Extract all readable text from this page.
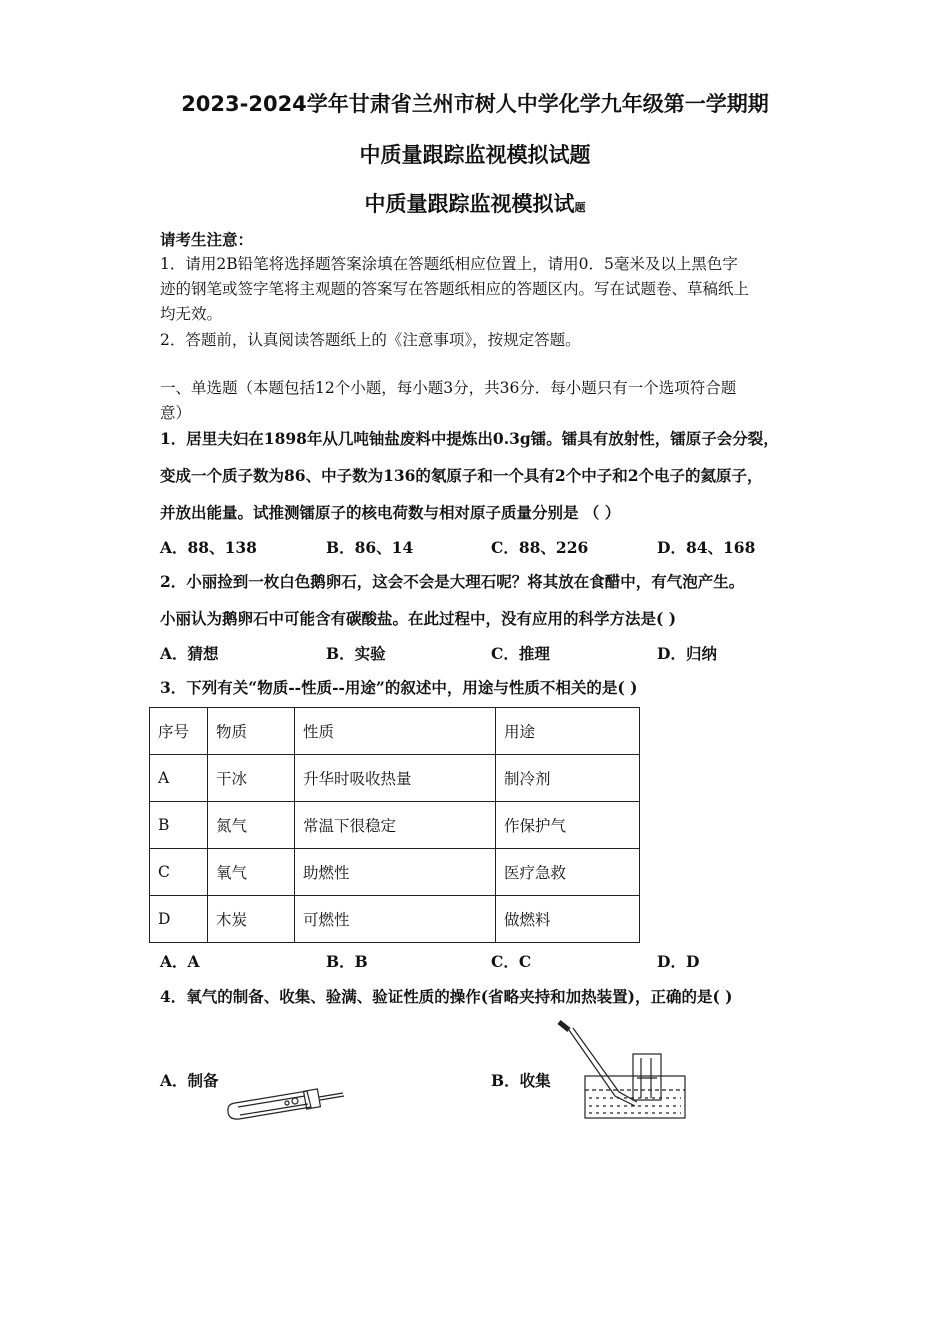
2023-2024学年甘肃省兰州市树人中学化学九年级第一学期期
中质量跟踪监视模拟试题
中质量跟踪监视模拟试题
请考生注意：
1．请用2B铅笔将选择题答案涂填在答题纸相应位置上，请用0．5毫米及以上黑色字
迹的钢笔或签字笔将主观题的答案写在答题纸相应的答题区内。写在试题卷、草稿纸上
均无效。
2．答题前，认真阅读答题纸上的《注意事项》，按规定答题。
一、单选题（本题包括12个小题，每小题3分，共36分．每小题只有一个选项符合题
意）
1．居里夫妇在1898年从几吨铀盐废料中提炼出0.3g镭。镭具有放射性，镭原子会分裂，
变成一个质子数为86、中子数为136的氡原子和一个具有2个中子和2个电子的氦原子，
并放出能量。试推测镭原子的核电荷数与相对原子质量分别是 （ ）
A．88、138	B．86、14	C．88、226	D．84、168
2．小丽捡到一枚白色鹅卵石，这会不会是大理石呢？将其放在食醋中，有气泡产生。
小丽认为鹅卵石中可能含有碳酸盐。在此过程中，没有应用的科学方法是( )
A．猜想	B．实验	C．推理	D．归纳
3．下列有关“物质--性质--用途”的叙述中，用途与性质不相关的是( )
序号	物质	性质	用途
A	干冰	升华时吸收热量	制冷剂
B	氮气	常温下很稳定	作保护气
C	氧气	助燃性	医疗急救
D	木炭	可燃性	做燃料
A．A	B．B	C．C	D．D
4．氧气的制备、收集、验满、验证性质的操作(省略夹持和加热装置)，正确的是( )
A．制备	B．收集
